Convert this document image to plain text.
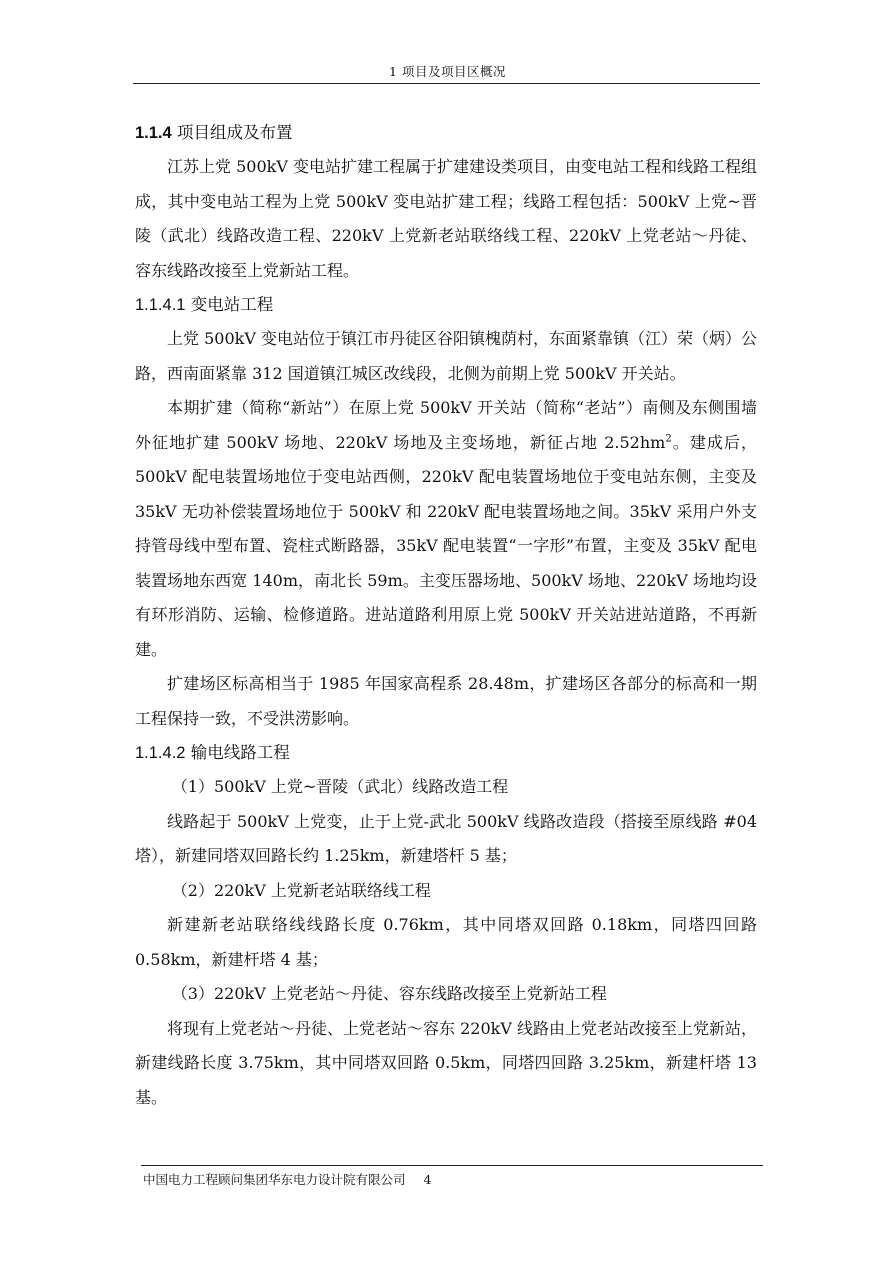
1 项目及项目区概况
1.1.4 项目组成及布置

江苏上党 500kV 变电站扩建工程属于扩建建设类项目，由变电站工程和线路工程组成，其中变电站工程为上党 500kV 变电站扩建工程；线路工程包括：500kV 上党~晋陵（武北）线路改造工程、220kV 上党新老站联络线工程、220kV 上党老站～丹徒、容东线路改接至上党新站工程。

1.1.4.1 变电站工程

上党 500kV 变电站位于镇江市丹徒区谷阳镇槐荫村，东面紧靠镇（江）荣（炳）公路，西南面紧靠 312 国道镇江城区改线段，北侧为前期上党 500kV 开关站。

本期扩建（简称“新站”）在原上党 500kV 开关站（简称“老站”）南侧及东侧围墙外征地扩建 500kV 场地、220kV 场地及主变场地，新征占地 $2.52hm^2$。建成后，500kV 配电装置场地位于变电站西侧，220kV 配电装置场地位于变电站东侧，主变及 35kV 无功补偿装置场地位于 500kV 和 220kV 配电装置场地之间。35kV 采用户外支持管母线中型布置、瓷柱式断路器，35kV 配电装置“一字形”布置，主变及 35kV 配电装置场地东西宽 140m，南北长 59m。主变压器场地、500kV 场地、220kV 场地均设有环形消防、运输、检修道路。进站道路利用原上党 500kV 开关站进站道路，不再新建。

扩建场区标高相当于 1985 年国家高程系 28.48m，扩建场区各部分的标高和一期工程保持一致，不受洪涝影响。

1.1.4.2 输电线路工程

（1）500kV 上党~晋陵（武北）线路改造工程

线路起于 500kV 上党变，止于上党-武北 500kV 线路改造段（搭接至原线路 #04 塔），新建同塔双回路长约 1.25km，新建塔杆 5 基；

（2）220kV 上党新老站联络线工程

新建新老站联络线线路长度 0.76km，其中同塔双回路 0.18km，同塔四回路 0.58km，新建杆塔 4 基；

（3）220kV 上党老站～丹徒、容东线路改接至上党新站工程

将现有上党老站～丹徒、上党老站～容东 220kV 线路由上党老站改接至上党新站，新建线路长度 3.75km，其中同塔双回路 0.5km，同塔四回路 3.25km，新建杆塔 13 基。

中国电力工程顾问集团华东电力设计院有限公司 4
